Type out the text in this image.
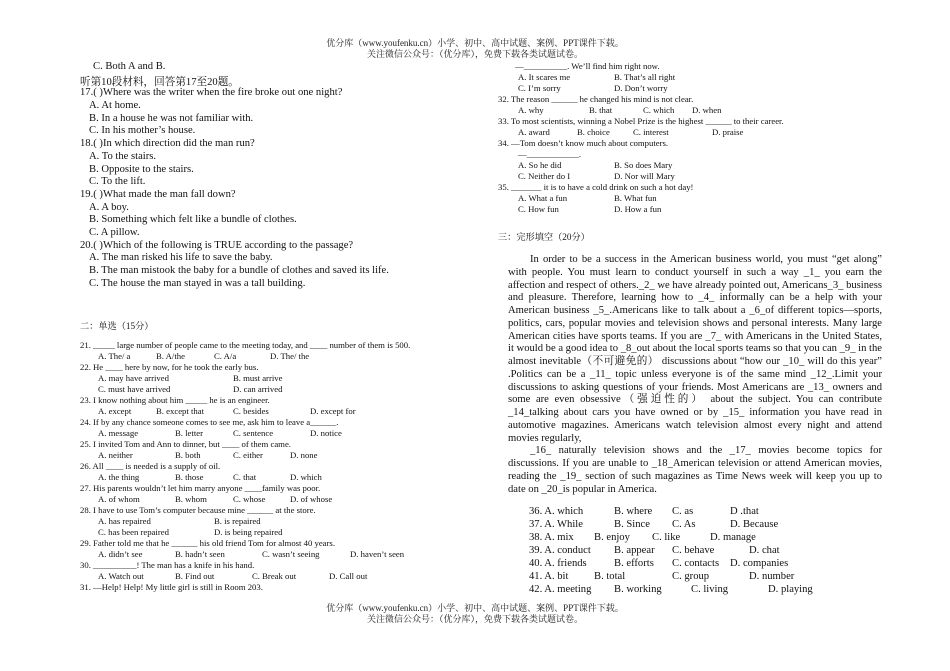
优分库（www.youfenku.cn）小学、初中、高中试题、案例、PPT课件下载。
关注微信公众号：（优分库），免费下载各类试题试卷。
C. Both A and B.
听第10段材料，回答第17至20题。
17.( )Where was the writer when the fire broke out one night?
A. At home.
B. In a house he was not familiar with.
C. In his mother’s house.
18.( )In which direction did the man run?
A. To the stairs.
B. Opposite to the stairs.
C. To the lift.
19.( )What made the man fall down?
A. A boy.
B. Something which felt like a bundle of clothes.
C. A pillow.
20.( )Which of the following is TRUE according to the passage?
A. The man risked his life to save the baby.
B. The man mistook the baby for a bundle of clothes and saved its life.
C. The house the man stayed in was a tall building.
二：单选（15分）
21. _____ large number of people came to the meeting today, and ____ number of them is 500.
A. The/ a	B. A/the	C. A/a	D. The/ the
22. He ____ here by now, for he took the early bus.
A. may have arrived	B. must arrive
C. must have arrived	D. can arrived
23. I know nothing about him _____ he is an engineer.
A. except	B. except that	C. besides	D. except for
24. If by any chance someone comes to see me, ask him to leave a______.
A. message	B. letter	C. sentence	D. notice
25. I invited Tom and Ann to dinner, but ____ of them came.
A. neither	B. both	C. either	D. none
26. All ____ is needed is a supply of oil.
A. the thing	B. those	C. that	D. which
27. His parents wouldn’t let him marry anyone ____family was poor.
A. of whom	B. whom	C. whose	D. of whose
28. I have to use Tom’s computer because mine ______ at the store.
A. has repaired	B. is repaired
C. has been repaired	D. is being repaired
29. Father told me that he ______ his old friend Tom for almost 40 years.
A. didn’t see	B. hadn’t seen	C. wasn’t seeing	D. haven’t seen
30. __________! The man has a knife in his hand.
A. Watch out	B. Find out	C. Break out	D. Call out
31. —Help! Help! My little girl is still in Room 203.
—__________. We’ll find him right now.
A. It scares me	B. That’s all right
C. I’m sorry	D. Don’t worry
32. The reason ______ he changed his mind is not clear.
A. why	B. that	C. which D. when
33. To most scientists, winning a Nobel Prize is the highest ______ to their career.
A. award	B. choice	C. interest	D. praise
34. —Tom doesn’t know much about computers.
—____________.
A. So he did	B. So does Mary
C. Neither do I	D. Nor will Mary
35. _______ it is to have a cold drink on such a hot day!
A. What a fun	B. What fun
C. How fun	D. How a fun
三：完形填空（20分）

In order to be a success in the American business world, you must “get along” with people. You must learn to conduct yourself in such a way _1_ you earn the affection and respect of others._2_ we have already pointed out, Americans_3_ business and pleasure. Therefore, learning how to _4_ informally can be a help with your American business _5_.Americans like to talk about a _6_of different topics—sports, politics, cars, popular movies and television shows and personal interests. Many large American cities have sports teams. If you are _7_ with Americans in the United States, it would be a good idea to _8_out about the local sports teams so that you can _9_ in the almost inevitable（不可避免的） discussions about “how our _10_ will do this year” .Politics can be a _11_ topic unless everyone is of the same mind _12_.Limit your discussions to asking questions of your friends. Most Americans are _13_ owners and some are even obsessive（强迫性的） about the subject. You can contribute _14_talking about cars you have owned or by _15_ information you have read in automotive magazines. Americans watch television almost every night and attend movies regularly,

_16_ naturally television shows and the _17_ movies become topics for discussions. If you are unable to _18_American television or attend American movies, reading the _19_ section of such magazines as Time News week will keep you up to date on _20_is popular in America.

36. A. which	B. where C. as	D .that
37. A. While	B. Since C. As	D. Because
38. A. mix B. enjoy C. like	D. manage
39. A. conduct B. appear C. behave	D. chat
40. A. friends	B. efforts C. contacts D. companies
41. A. bit B. total	C. group	D. number
42. A. meeting B. working	C. living	D. playing
优分库（www.youfenku.cn）小学、初中、高中试题、案例、PPT课件下载。
关注微信公众号：（优分库），免费下载各类试题试卷。
